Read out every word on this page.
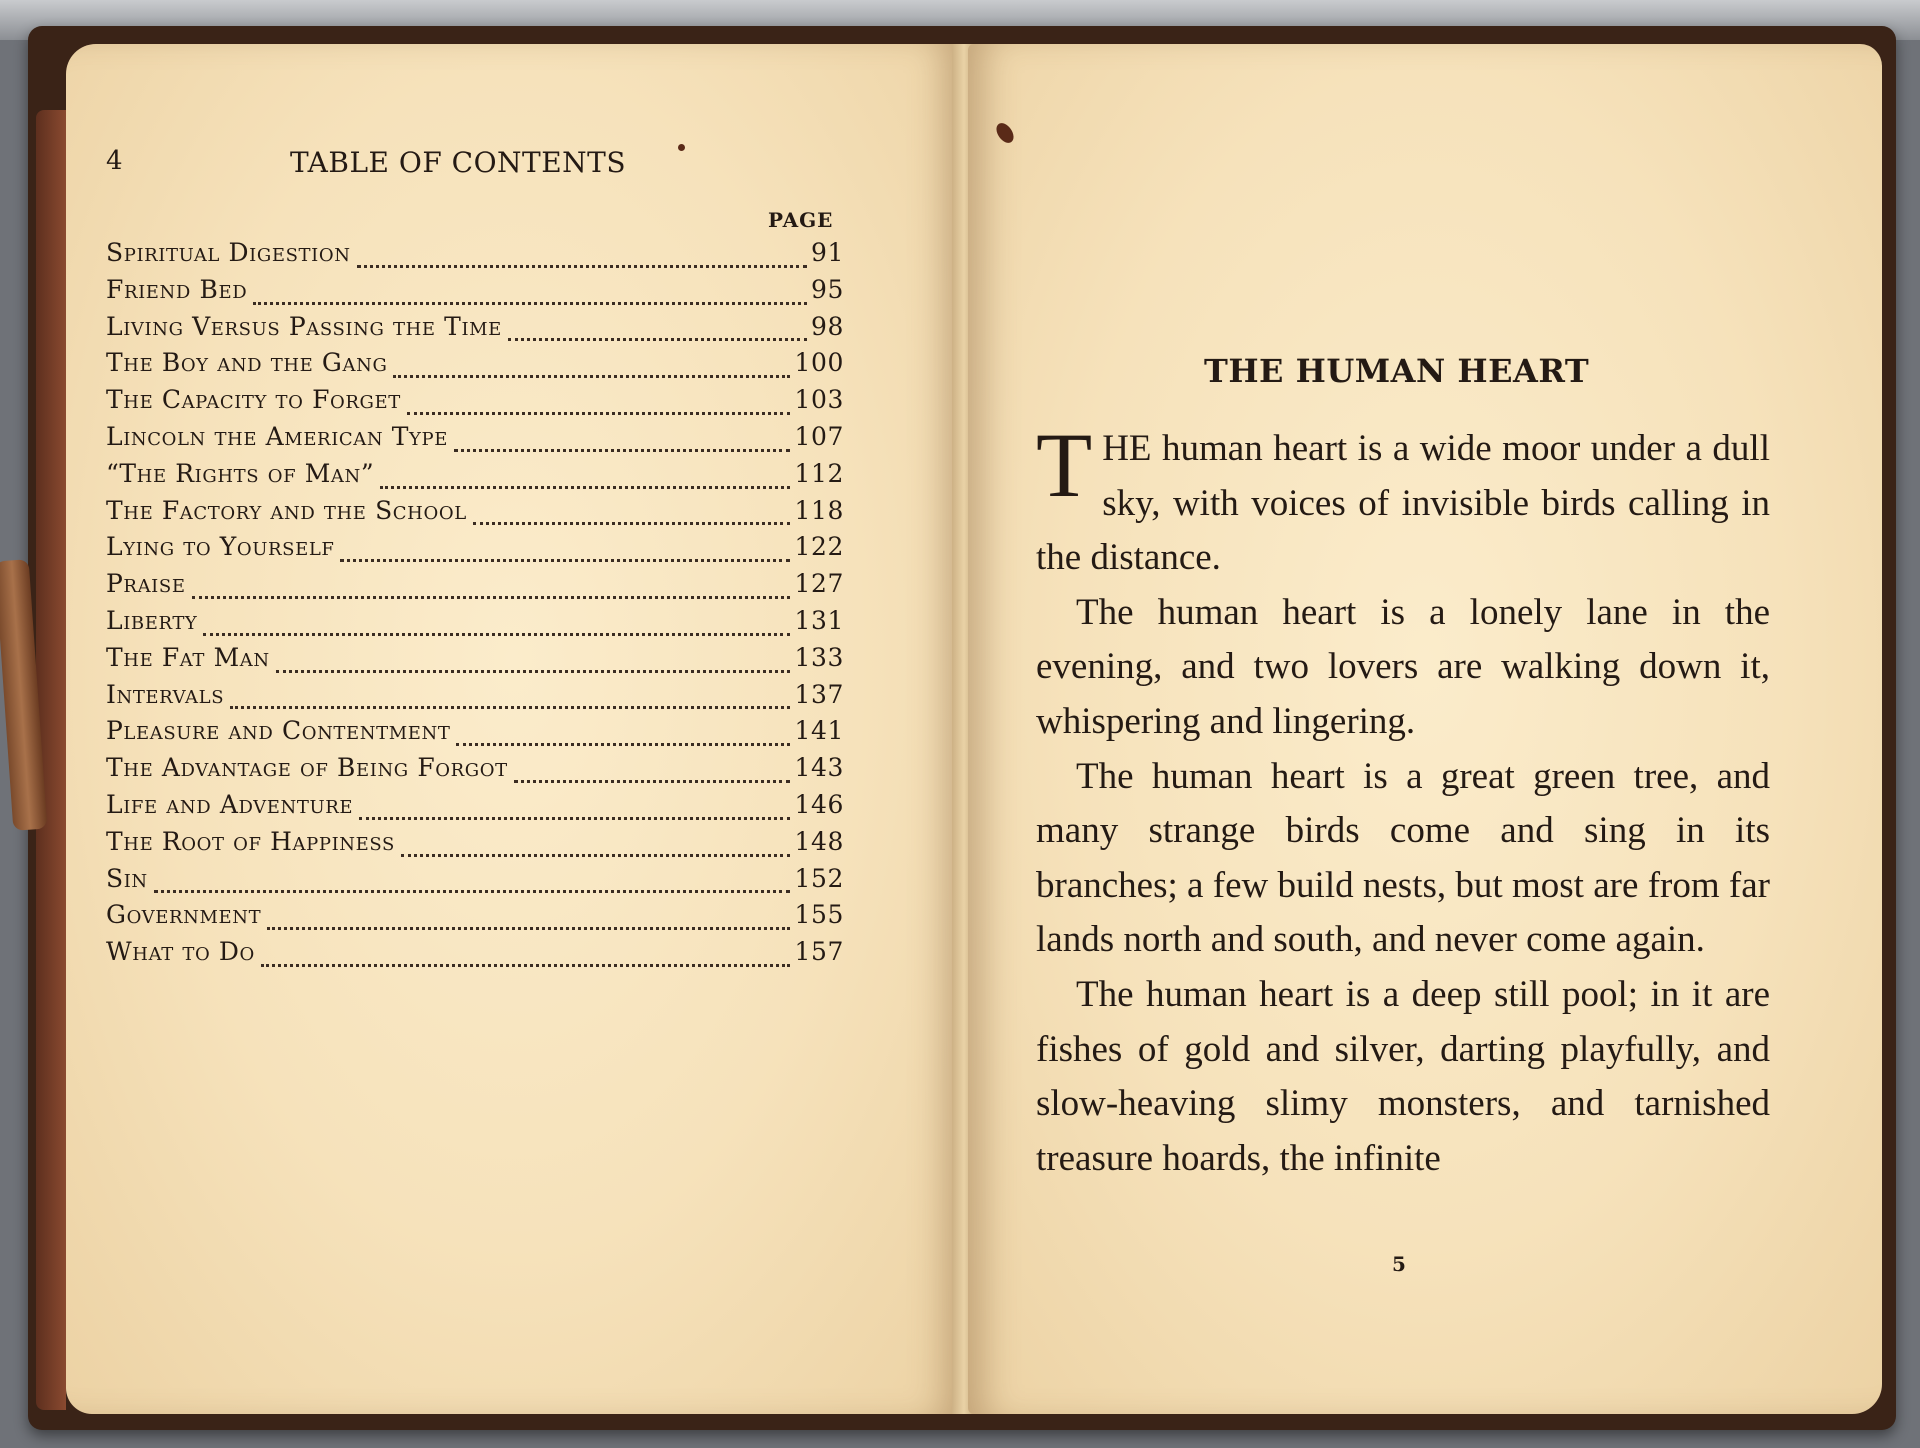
4	TABLE OF CONTENTS
PAGE
Spiritual Digestion	91
Friend Bed	95
Living Versus Passing the Time	98
The Boy and the Gang	100
The Capacity to Forget	103
Lincoln the American Type	107
“The Rights of Man”	112
The Factory and the School	118
Lying to Yourself	122
Praise	127
Liberty	131
The Fat Man	133
Intervals	137
Pleasure and Contentment	141
The Advantage of Being Forgot	143
Life and Adventure	146
The Root of Happiness	148
Sin	152
Government	155
What to Do	157
THE HUMAN HEART

THE human heart is a wide moor under a dull sky, with voices of invisible birds calling in the distance.

The human heart is a lonely lane in the evening, and two lovers are walking down it, whispering and lingering.

The human heart is a great green tree, and many strange birds come and sing in its branches; a few build nests, but most are from far lands north and south, and never come again.

The human heart is a deep still pool; in it are fishes of gold and silver, darting playfully, and slow-heaving slimy monsters, and tarnished treasure hoards, the infinite

5
